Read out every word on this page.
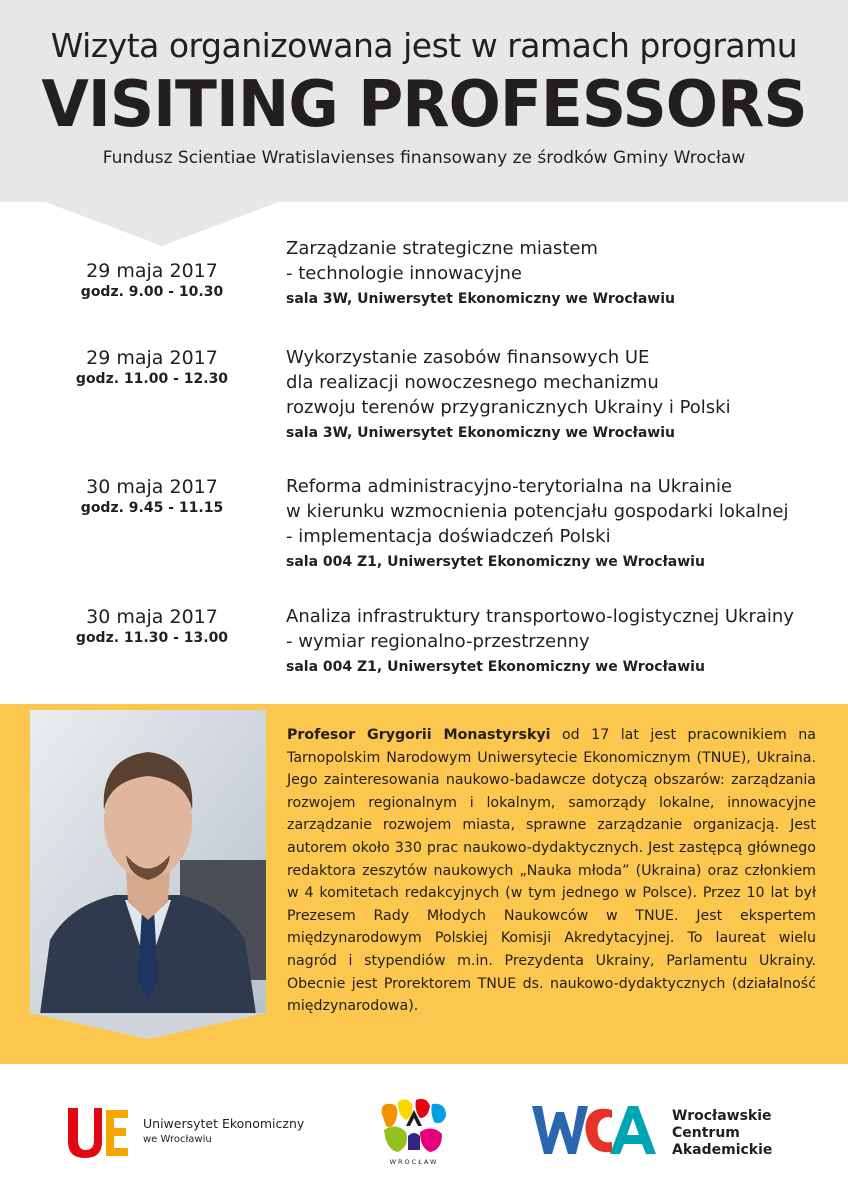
Wizyta organizowana jest w ramach programu
VISITING PROFESSORS
Fundusz Scientiae Wratislavienses finansowany ze środków Gminy Wrocław
29 maja 2017
godz. 9.00 - 10.30
Zarządzanie strategiczne miastem
- technologie innowacyjne
sala 3W, Uniwersytet Ekonomiczny we Wrocławiu
29 maja 2017
godz. 11.00 - 12.30
Wykorzystanie zasobów finansowych UE
dla realizacji nowoczesnego mechanizmu
rozwoju terenów przygranicznych Ukrainy i Polski
sala 3W, Uniwersytet Ekonomiczny we Wrocławiu
30 maja 2017
godz. 9.45 - 11.15
Reforma administracyjno-terytorialna na Ukrainie
w kierunku wzmocnienia potencjału gospodarki lokalnej
- implementacja doświadczeń Polski
sala 004 Z1, Uniwersytet Ekonomiczny we Wrocławiu
30 maja 2017
godz. 11.30 - 13.00
Analiza infrastruktury transportowo-logistycznej Ukrainy
- wymiar regionalno-przestrzenny
sala 004 Z1, Uniwersytet Ekonomiczny we Wrocławiu
Profesor Grygorii Monastyrskyi od 17 lat jest pracownikiem na Tarnopolskim Narodowym Uniwersytecie Ekonomicznym (TNUE), Ukraina. Jego zainteresowania naukowo-badawcze dotyczą obszarów: zarządzania rozwojem regionalnym i lokalnym, samorządy lokalne, innowacyjne zarządzanie rozwojem miasta, sprawne zarządzanie organizacją. Jest autorem około 330 prac naukowo-dydaktycznych. Jest zastępcą głównego redaktora zeszytów naukowych „Nauka młoda” (Ukraina) oraz członkiem w 4 komitetach redakcyjnych (w tym jednego w Polsce). Przez 10 lat był Prezesem Rady Młodych Naukowców w TNUE. Jest ekspertem międzynarodowym Polskiej Komisji Akredytacyjnej. To laureat wielu nagród i stypendiów m.in. Prezydenta Ukrainy, Parlamentu Ukrainy. Obecnie jest Prorektorem TNUE ds. naukowo-dydaktycznych (działalność międzynarodowa).
Uniwersytet Ekonomiczny
we Wrocławiu
WROCŁAW
Wrocławskie
Centrum
Akademickie
